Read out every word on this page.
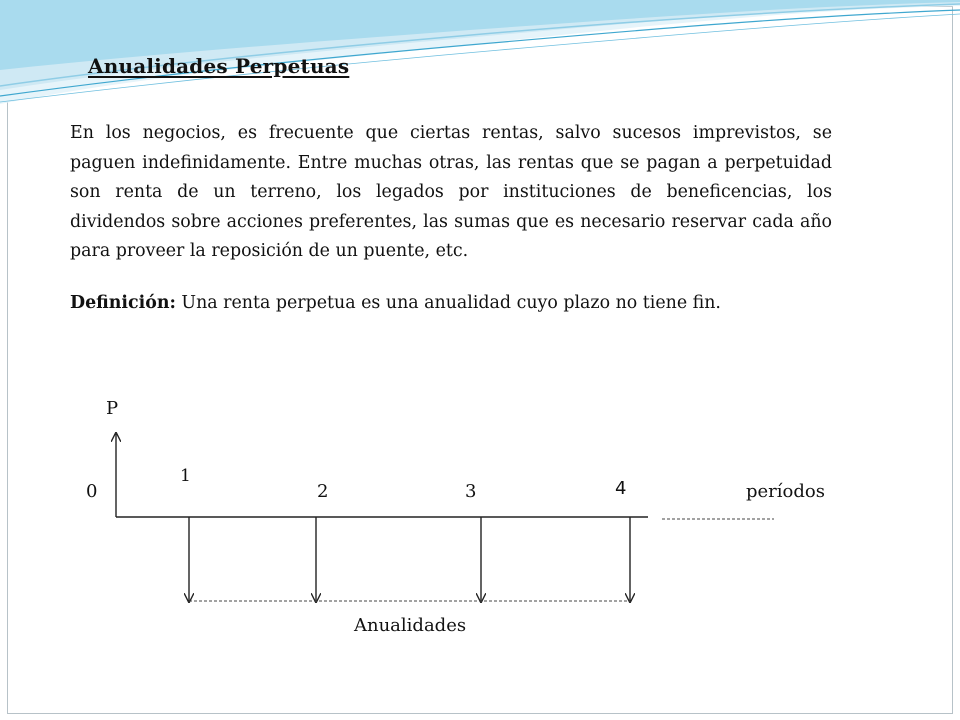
Anualidades Perpetuas

En los negocios, es frecuente que ciertas rentas, salvo sucesos imprevistos, se paguen indefinidamente. Entre muchas otras, las rentas que se pagan a perpetuidad son renta de un terreno, los legados por instituciones de beneficencias, los dividendos sobre acciones preferentes, las sumas que es necesario reservar cada año para proveer la reposición de un puente, etc.

Definición: Una renta perpetua es una anualidad cuyo plazo no tiene fin.
P
0
1
2	3	4	períodos
Anualidades
